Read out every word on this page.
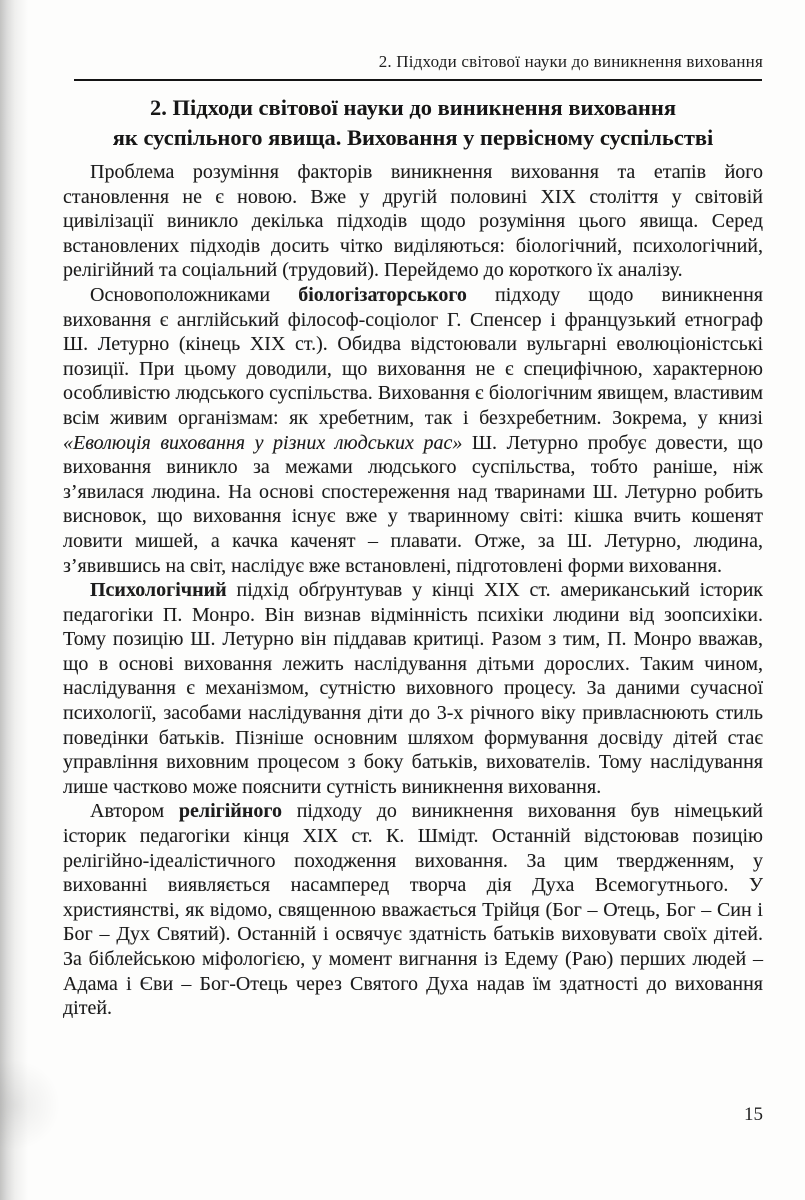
2. Підходи світової науки до виникнення виховання
2. Підходи світової науки до виникнення виховання
як суспільного явища. Виховання у первісному суспільстві

Проблема розуміння факторів виникнення виховання та етапів його становлення не є новою. Вже у другій половині XIX століття у світовій цивілізації виникло декілька підходів щодо розуміння цього явища. Серед встановлених підходів досить чітко виділяються: біологічний, психологічний, релігійний та соціальний (трудовий). Перейдемо до короткого їх аналізу.

Основоположниками біологізаторського підходу щодо виникнення виховання є англійський філософ-соціолог Г. Спенсер і французький етнограф Ш. Летурно (кінець XIX ст.). Обидва відстоювали вульгарні еволюціоністські позиції. При цьому доводили, що виховання не є специфічною, характерною особливістю людського суспільства. Виховання є біологічним явищем, властивим всім живим організмам: як хребетним, так і безхребетним. Зокрема, у книзі «Еволюція виховання у різних людських рас» Ш. Летурно пробує довести, що виховання виникло за межами людського суспільства, тобто раніше, ніж з’явилася людина. На основі спостереження над тваринами Ш. Летурно робить висновок, що виховання існує вже у тваринному світі: кішка вчить кошенят ловити мишей, а качка каченят – плавати. Отже, за Ш. Летурно, людина, з’явившись на світ, наслідує вже встановлені, підготовлені форми виховання.

Психологічний підхід обґрунтував у кінці XIX ст. американський історик педагогіки П. Монро. Він визнав відмінність психіки людини від зоопсихіки. Тому позицію Ш. Летурно він піддавав критиці. Разом з тим, П. Монро вважав, що в основі виховання лежить наслідування дітьми дорослих. Таким чином, наслідування є механізмом, сутністю виховного процесу. За даними сучасної психології, засобами наслідування діти до 3-х річного віку привласнюють стиль поведінки батьків. Пізніше основним шляхом формування досвіду дітей стає управління виховним процесом з боку батьків, вихователів. Тому наслідування лише частково може пояснити сутність виникнення виховання.

Автором релігійного підходу до виникнення виховання був німецький історик педагогіки кінця XIX ст. К. Шмідт. Останній відстоював позицію релігійно-ідеалістичного походження виховання. За цим твердженням, у вихованні виявляється насамперед творча дія Духа Всемогутнього. У християнстві, як відомо, священною вважається Трійця (Бог – Отець, Бог – Син і Бог – Дух Святий). Останній і освячує здатність батьків виховувати своїх дітей. За біблейською міфологією, у момент вигнання із Едему (Раю) перших людей – Адама і Єви – Бог-Отець через Святого Духа надав їм здатності до виховання дітей.

15
